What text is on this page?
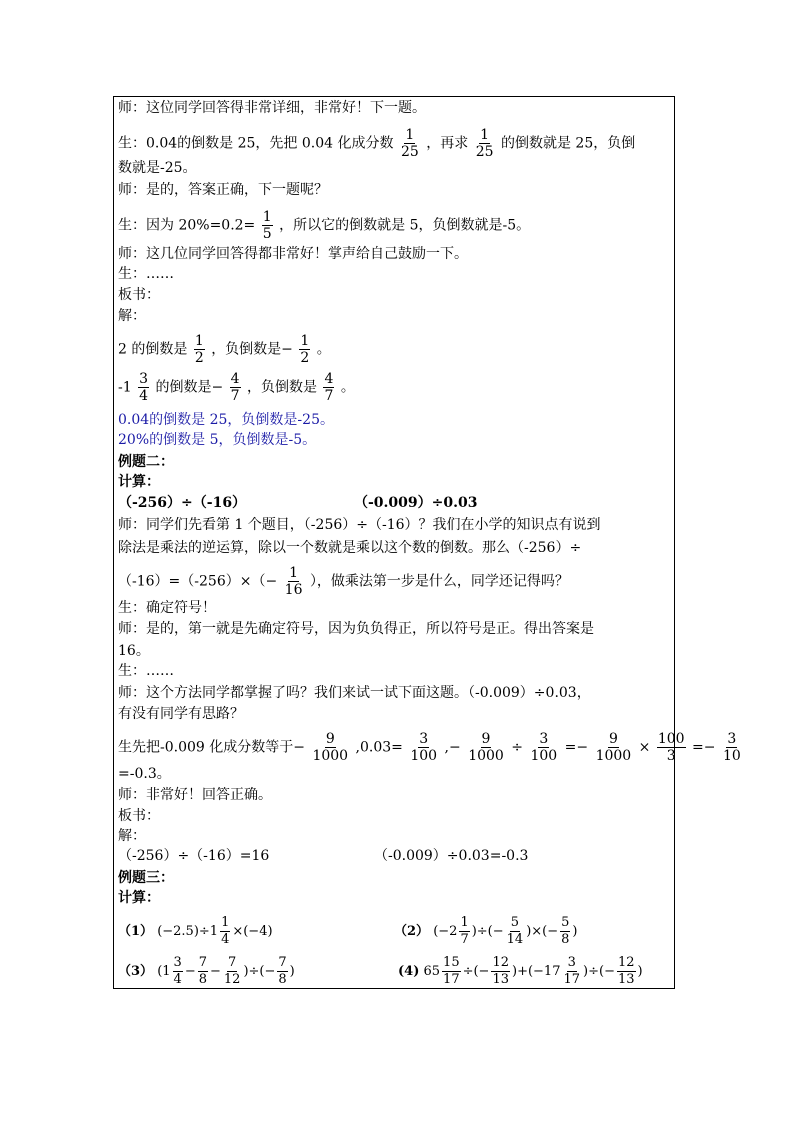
师：这位同学回答得非常详细，非常好！下一题。
生：0.04的倒数是 25，先把 0.04 化成分数 $\frac{1}{25}$ ，再求 $\frac{1}{25}$ 的倒数就是 25，负倒
数就是-25。
师：是的，答案正确，下一题呢？
生：因为 $20\%=0.2= \frac{1}{5}$ ，所以它的倒数就是 5，负倒数就是-5。
师：这几位同学回答得都非常好！掌声给自己鼓励一下。
生：……
板书：
解：
2 的倒数是 $\frac{1}{2}$ ，负倒数是− $\frac{1}{2}$ 。
$-1 \frac{3}{4}$ 的倒数是− $\frac{4}{7}$ ，负倒数是 $\frac{4}{7}$ 。
0.04的倒数是 25，负倒数是-25。
20%的倒数是 5，负倒数是-5。
例题二：
计算：
（-256）÷（-16）	（-0.009）÷0.03
师：同学们先看第 1 个题目，（-256）÷（-16）？我们在小学的知识点有说到
除法是乘法的逆运算，除以一个数就是乘以这个数的倒数。那么（-256）÷
$(-16)=(-256)\times(- \frac{1}{16}$ ），做乘法第一步是什么，同学还记得吗？
生：确定符号！
师：是的，第一就是先确定符号，因为负负得正，所以符号是正。得出答案是
16。
生：……
师：这个方法同学都掌握了吗？我们来试一试下面这题。（-0.009）÷0.03，
有没有同学有思路？
生先把-0.009 化成分数等于− $\frac{9}{1000} ,0.03= \frac{3}{100}$ ,− $\frac{9}{1000} \div \frac{3}{100} =- \frac{9}{1000} \times \frac{100}{3} =- \frac{3}{10}$
=-0.3。
师：非常好！回答正确。
板书：
解：
（-256）÷（-16）=16	（-0.009）÷0.03=-0.3
例题三：
计算：
（1） $(-2.5)\div 1 \frac{1}{4} \times(-4)$	（2） ($-2 \frac{1}{7}$ )÷(− $\frac{5}{14}$ )×(− $\frac{5}{8}$ )
（3） ($1 \frac{3}{4} - \frac{7}{8} - \frac{7}{12}$ )÷(− $\frac{7}{8}$ )	(4) $65 \frac{15}{17}$ ÷(− $\frac{12}{13} )+(-17 \frac{3}{17}$ )÷(− $\frac{12}{13}$ )
